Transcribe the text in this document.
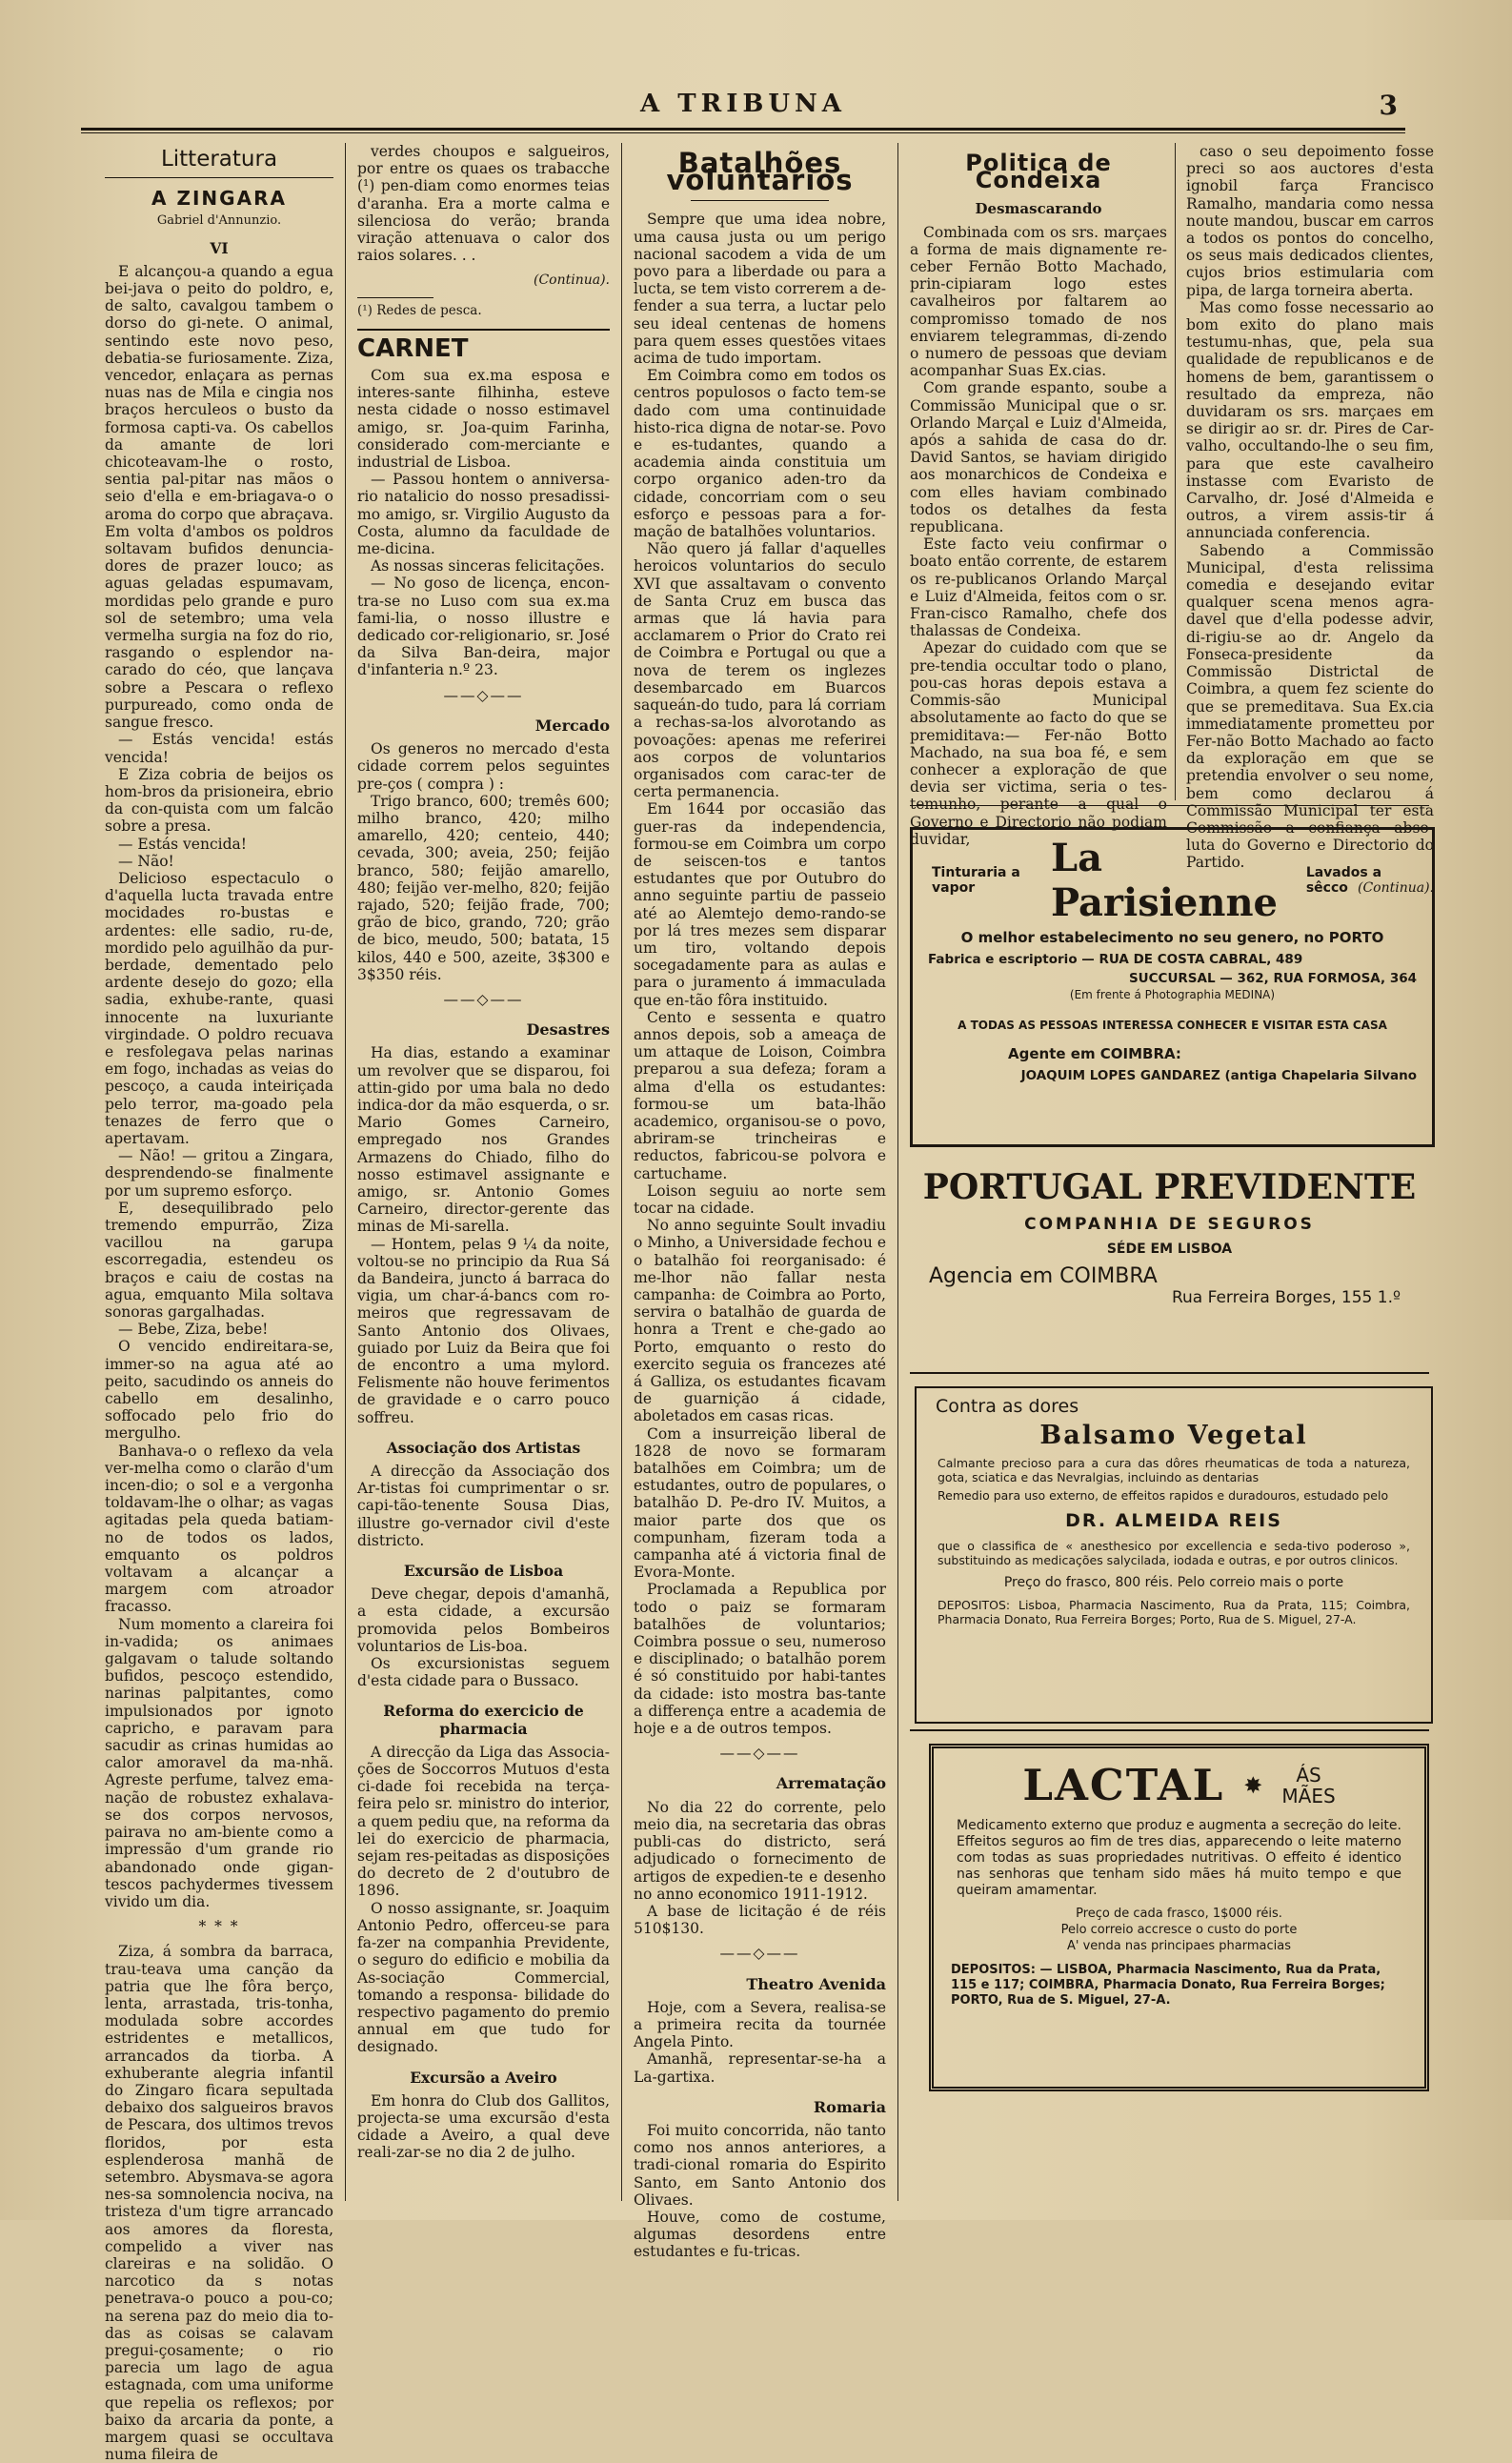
A TRIBUNA	3
Litteratura
A ZINGARA
Gabriel d'Annunzio.
VI

E alcançou-a quando a egua bei-java o peito do poldro, e, de salto, cavalgou tambem o dorso do gi-nete. O animal, sentindo este novo peso, debatia-se furiosamente. Ziza, vencedor, enlaçara as pernas nuas nas de Mila e cingia nos braços herculeos o busto da formosa capti-va. Os cabellos da amante de lori chicoteavam-lhe o rosto, sentia pal-pitar nas mãos o seio d'ella e em-briagava-o o aroma do corpo que abraçava. Em volta d'ambos os poldros soltavam bufidos denuncia-dores de prazer louco; as aguas geladas espumavam, mordidas pelo grande e puro sol de setembro; uma vela vermelha surgia na foz do rio, rasgando o esplendor na-carado do céo, que lançava sobre a Pescara o reflexo purpureado, como onda de sangue fresco.

— Estás vencida! estás vencida!

E Ziza cobria de beijos os hom-bros da prisioneira, ebrio da con-quista com um falcão sobre a presa.

— Estás vencida!

— Não!

Delicioso espectaculo o d'aquella lucta travada entre mocidades ro-bustas e ardentes: elle sadio, ru-de, mordido pelo aguilhão da pur-berdade, dementado pelo ardente desejo do gozo; ella sadia, exhube-rante, quasi innocente na luxuriante virgindade. O poldro recuava e resfolegava pelas narinas em fogo, inchadas as veias do pescoço, a cauda inteiriçada pelo terror, ma-goado pela tenazes de ferro que o apertavam.

— Não! — gritou a Zingara, desprendendo-se finalmente por um supremo esforço.

E, desequilibrado pelo tremendo empurrão, Ziza vacillou na garupa escorregadia, estendeu os braços e caiu de costas na agua, emquanto Mila soltava sonoras gargalhadas.

— Bebe, Ziza, bebe!

O vencido endireitara-se, immer-so na agua até ao peito, sacudindo os anneis do cabello em desalinho, soffocado pelo frio do mergulho.

Banhava-o o reflexo da vela ver-melha como o clarão d'um incen-dio; o sol e a vergonha toldavam-lhe o olhar; as vagas agitadas pela queda batiam-no de todos os lados, emquanto os poldros voltavam a alcançar a margem com atroador fracasso.

Num momento a clareira foi in-vadida; os animaes galgavam o talude soltando bufidos, pescoço estendido, narinas palpitantes, como impulsionados por ignoto capricho, e paravam para sacudir as crinas humidas ao calor amoravel da ma-nhã. Agreste perfume, talvez ema-nação de robustez exhalava-se dos corpos nervosos, pairava no am-biente como a impressão d'um grande rio abandonado onde gigan-tescos pachydermes tivessem vivido um dia.

* * *

Ziza, á sombra da barraca, trau-teava uma canção da patria que lhe fôra berço, lenta, arrastada, tris-tonha, modulada sobre accordes estridentes e metallicos, arrancados da tiorba. A exhuberante alegria infantil do Zingaro ficara sepultada debaixo dos salgueiros bravos de Pescara, dos ultimos trevos floridos, por esta esplenderosa manhã de setembro. Abysmava-se agora nes-sa somnolencia nociva, na tristeza d'um tigre arrancado aos amores da floresta, compelido a viver nas clareiras e na solidão. O narcotico da s notas penetrava-o pouco a pou-co; na serena paz do meio dia to-das as coisas se calavam pregui-çosamente; o rio parecia um lago de agua estagnada, com uma uniforme que repelia os reflexos; por baixo da arcaria da ponte, a margem quasi se occultava numa fileira de

verdes choupos e salgueiros, por entre os quaes os trabacche (¹) pen-diam como enormes teias d'aranha. Era a morte calma e silenciosa do verão; branda viração attenuava o calor dos raios solares. . .

(Continua).
(¹) Redes de pesca.
CARNET

Com sua ex.ma esposa e interes-sante filhinha, esteve nesta cidade o nosso estimavel amigo, sr. Joa-quim Farinha, considerado com-merciante e industrial de Lisboa.

— Passou hontem o anniversa-rio natalicio do nosso presadissi-mo amigo, sr. Virgilio Augusto da Costa, alumno da faculdade de me-dicina.

As nossas sinceras felicitações.

— No goso de licença, encon-tra-se no Luso com sua ex.ma fami-lia, o nosso illustre e dedicado cor-religionario, sr. José da Silva Ban-deira, major d'infanteria n.º 23.

——◇——
Mercado

Os generos no mercado d'esta cidade correm pelos seguintes pre-ços ( compra ) :

Trigo branco, 600; tremês 600; milho branco, 420; milho amarello, 420; centeio, 440; cevada, 300; aveia, 250; feijão branco, 580; feijão amarello, 480; feijão ver-melho, 820; feijão rajado, 520; feijão frade, 700; grão de bico, grando, 720; grão de bico, meudo, 500; batata, 15 kilos, 440 e 500, azeite, 3$300 e 3$350 réis.

——◇——
Desastres

Ha dias, estando a examinar um revolver que se disparou, foi attin-gido por uma bala no dedo indica-dor da mão esquerda, o sr. Mario Gomes Carneiro, empregado nos Grandes Armazens do Chiado, filho do nosso estimavel assignante e amigo, sr. Antonio Gomes Carneiro, director-gerente das minas de Mi-sarella.

— Hontem, pelas 9 ¼ da noite, voltou-se no principio da Rua Sá da Bandeira, juncto á barraca do vigia, um char-á-bancs com ro-meiros que regressavam de Santo Antonio dos Olivaes, guiado por Luiz da Beira que foi de encontro a uma mylord. Felismente não houve ferimentos de gravidade e o carro pouco soffreu.

Associação dos Artistas

A direcção da Associação dos Ar-tistas foi cumprimentar o sr. capi-tão-tenente Sousa Dias, illustre go-vernador civil d'este districto.

Excursão de Lisboa

Deve chegar, depois d'amanhã, a esta cidade, a excursão promovida pelos Bombeiros voluntarios de Lis-boa.

Os excursionistas seguem d'esta cidade para o Bussaco.

Reforma do exercicio de pharmacia

A direcção da Liga das Associa-ções de Soccorros Mutuos d'esta ci-dade foi recebida na terça-feira pelo sr. ministro do interior, a quem pediu que, na reforma da lei do exercicio de pharmacia, sejam res-peitadas as disposições do decreto de 2 d'outubro de 1896.

O nosso assignante, sr. Joaquim Antonio Pedro, offerceu-se para fa-zer na companhia Previdente, o seguro do edificio e mobilia da As-sociação Commercial, tomando a responsa- bilidade do respectivo pagamento do premio annual em que tudo for designado.

Excursão a Aveiro

Em honra do Club dos Gallitos, projecta-se uma excursão d'esta cidade a Aveiro, a qual deve reali-zar-se no dia 2 de julho.

Batalhões voluntarios

Sempre que uma idea nobre, uma causa justa ou um perigo nacional sacodem a vida de um povo para a liberdade ou para a lucta, se tem visto correrem a de-fender a sua terra, a luctar pelo seu ideal centenas de homens para quem esses questões vitaes acima de tudo importam.

Em Coimbra como em todos os centros populosos o facto tem-se dado com uma continuidade histo-rica digna de notar-se. Povo e es-tudantes, quando a academia ainda constituia um corpo organico aden-tro da cidade, concorriam com o seu esforço e pessoas para a for-mação de batalhões voluntarios.

Não quero já fallar d'aquelles heroicos voluntarios do seculo XVI que assaltavam o convento de Santa Cruz em busca das armas que lá havia para acclamarem o Prior do Crato rei de Coimbra e Portugal ou que a nova de terem os inglezes desembarcado em Buarcos saqueán-do tudo, para lá corriam a rechas-sa-los alvorotando as povoações: apenas me referirei aos corpos de voluntarios organisados com carac-ter de certa permanencia.

Em 1644 por occasião das guer-ras da independencia, formou-se em Coimbra um corpo de seiscen-tos e tantos estudantes que por Outubro do anno seguinte partiu de passeio até ao Alemtejo demo-rando-se por lá tres mezes sem disparar um tiro, voltando depois socegadamente para as aulas e para o juramento á immaculada que en-tão fôra instituido.

Cento e sessenta e quatro annos depois, sob a ameaça de um attaque de Loison, Coimbra preparou a sua defeza; foram a alma d'ella os estudantes: formou-se um bata-lhão academico, organisou-se o povo, abriram-se trincheiras e reductos, fabricou-se polvora e cartuchame.

Loison seguiu ao norte sem tocar na cidade.

No anno seguinte Soult invadiu o Minho, a Universidade fechou e o batalhão foi reorganisado: é me-lhor não fallar nesta campanha: de Coimbra ao Porto, servira o batalhão de guarda de honra a Trent e che-gado ao Porto, emquanto o resto do exercito seguia os francezes até á Galliza, os estudantes ficavam de guarnição á cidade, aboletados em casas ricas.

Com a insurreição liberal de 1828 de novo se formaram batalhões em Coimbra; um de estudantes, outro de populares, o batalhão D. Pe-dro IV. Muitos, a maior parte dos que os compunham, fizeram toda a campanha até á victoria final de Evora-Monte.

Proclamada a Republica por todo o paiz se formaram batalhões de voluntarios; Coimbra possue o seu, numeroso e disciplinado; o batalhão porem é só constituido por habi-tantes da cidade: isto mostra bas-tante a differença entre a academia de hoje e a de outros tempos.

——◇——
Arrematação

No dia 22 do corrente, pelo meio dia, na secretaria das obras publi-cas do districto, será adjudicado o fornecimento de artigos de expedien-te e desenho no anno economico 1911-1912.

A base de licitação é de réis 510$130.

——◇——
Theatro Avenida

Hoje, com a Severa, realisa-se a primeira recita da tournée Angela Pinto.

Amanhã, representar-se-ha a La-gartixa.

Romaria

Foi muito concorrida, não tanto como nos annos anteriores, a tradi-cional romaria do Espirito Santo, em Santo Antonio dos Olivaes.

Houve, como de costume, algumas desordens entre estudantes e fu-tricas.

Politica de Condeixa
Desmascarando

Combinada com os srs. marçaes a forma de mais dignamente re-ceber Fernão Botto Machado, prin-cipiaram logo estes cavalheiros por faltarem ao compromisso tomado de nos enviarem telegrammas, di-zendo o numero de pessoas que deviam acompanhar Suas Ex.cias.

Com grande espanto, soube a Commissão Municipal que o sr. Orlando Marçal e Luiz d'Almeida, após a sahida de casa do dr. David Santos, se haviam dirigido aos monarchicos de Condeixa e com elles haviam combinado todos os detalhes da festa republicana.

Este facto veiu confirmar o boato então corrente, de estarem os re-publicanos Orlando Marçal e Luiz d'Almeida, feitos com o sr. Fran-cisco Ramalho, chefe dos thalassas de Condeixa.

Apezar do cuidado com que se pre-tendia occultar todo o plano, pou-cas horas depois estava a Commis-são Municipal absolutamente ao facto do que se premiditava:— Fer-não Botto Machado, na sua boa fé, e sem conhecer a exploração de que devia ser victima, seria o tes-temunho, perante a qual o Governo e Directorio não podiam duvidar,

caso o seu depoimento fosse preci so aos auctores d'esta ignobil farça Francisco Ramalho, mandaria como nessa noute mandou, buscar em carros a todos os pontos do concelho, os seus mais dedicados clientes, cujos brios estimularia com pipa, de larga torneira aberta.

Mas como fosse necessario ao bom exito do plano mais testumu-nhas, que, pela sua qualidade de republicanos e de homens de bem, garantissem o resultado da empreza, não duvidaram os srs. marçaes em se dirigir ao sr. dr. Pires de Car-valho, occultando-lhe o seu fim, para que este cavalheiro instasse com Evaristo de Carvalho, dr. José d'Almeida e outros, a virem assis-tir á annunciada conferencia.

Sabendo a Commissão Municipal, d'esta relissima comedia e desejando evitar qualquer scena menos agra-davel que d'ella podesse advir, di-rigiu-se ao dr. Angelo da Fonseca-presidente da Commissão Districtal de Coimbra, a quem fez sciente do que se premeditava. Sua Ex.cia immediatamente prometteu por Fer-não Botto Machado ao facto da exploração em que se pretendia envolver o seu nome, bem como declarou á Commissão Municipal ter esta Commissão a confiança abso-luta do Governo e Directorio do Partido.

(Continua).
Tinturaria a vapor
La Parisienne
Lavados a sêcco
O melhor estabelecimento no seu genero, no PORTO
Fabrica e escriptorio — RUA DE COSTA CABRAL, 489
SUCCURSAL — 362, RUA FORMOSA, 364
(Em frente á Photographia MEDINA)
A TODAS AS PESSOAS INTERESSA CONHECER E VISITAR ESTA CASA
Agente em COIMBRA:
JOAQUIM LOPES GANDAREZ (antiga Chapelaria Silvano
PORTUGAL PREVIDENTE
COMPANHIA DE SEGUROS
SÉDE EM LISBOA
Agencia em COIMBRA
Rua Ferreira Borges, 155 1.º
Contra as dores
Balsamo Vegetal
Calmante precioso para a cura das dôres rheumaticas de toda a natureza, gota, sciatica e das Nevralgias, incluindo as dentarias
Remedio para uso externo, de effeitos rapidos e duradouros, estudado pelo
DR. ALMEIDA REIS
que o classifica de « anesthesico por excellencia e seda-tivo poderoso », substituindo as medicações salycilada, iodada e outras, e por outros clinicos.
Preço do frasco, 800 réis. Pelo correio mais o porte
DEPOSITOS: Lisboa, Pharmacia Nascimento, Rua da Prata, 115; Coimbra, Pharmacia Donato, Rua Ferreira Borges; Porto, Rua de S. Miguel, 27-A.
LACTAL ✸	ÁS
MÃES
Medicamento externo que produz e augmenta a secreção do leite. Effeitos seguros ao fim de tres dias, apparecendo o leite materno com todas as suas propriedades nutritivas. O effeito é identico nas senhoras que tenham sido mães há muito tempo e que queiram amamentar.
Preço de cada frasco, 1$000 réis.
Pelo correio accresce o custo do porte
A' venda nas principaes pharmacias
DEPOSITOS: — LISBOA, Pharmacia Nascimento, Rua da Prata, 115 e 117; COIMBRA, Pharmacia Donato, Rua Ferreira Borges; PORTO, Rua de S. Miguel, 27-A.
